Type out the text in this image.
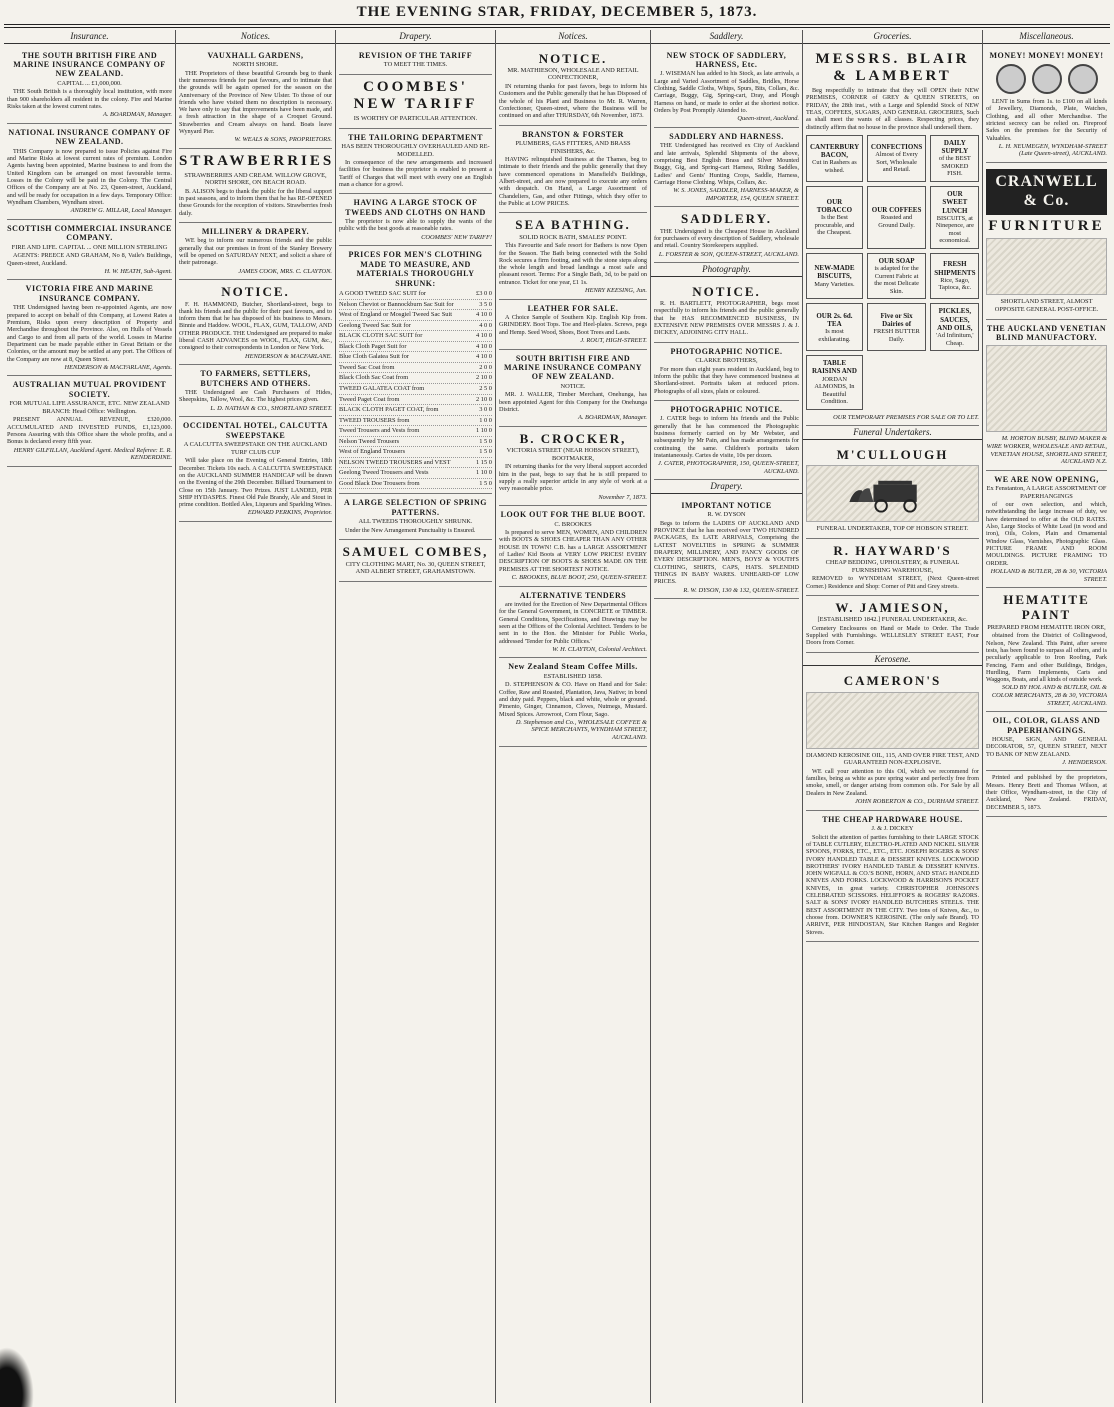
THE EVENING STAR, FRIDAY, DECEMBER 5, 1873.
Insurance.
THE SOUTH BRITISH FIRE AND MARINE INSURANCE COMPANY OF NEW ZEALAND.
CAPITAL ... £1,000,000.

THE South British is a thoroughly local institution, with more than 900 shareholders all resident in the colony. Fire and Marine Risks taken at the lowest current rates.

A. BOARDMAN, Manager.
NATIONAL INSURANCE COMPANY OF NEW ZEALAND.

THIS Company is now prepared to issue Policies against Fire and Marine Risks at lowest current rates of premium. London Agents having been appointed, Marine business to and from the United Kingdom can be arranged on most favourable terms. Losses in the Colony will be paid in the Colony. The Central Offices of the Company are at No. 23, Queen-street, Auckland, and will be ready for occupation in a few days. Temporary Office: Wyndham Chambers, Wyndham street.

ANDREW G. MILLAR, Local Manager.
SCOTTISH COMMERCIAL INSURANCE COMPANY.
FIRE AND LIFE. CAPITAL ... ONE MILLION STERLING

AGENTS: PREECE AND GRAHAM, No 8, Vaile's Buildings, Queen-street, Auckland.

H. W. HEATH, Sub-Agent.
VICTORIA FIRE AND MARINE INSURANCE COMPANY.

THE Undersigned having been re-appointed Agents, are now prepared to accept on behalf of this Company, at Lowest Rates a Premium, Risks upon every description of Property and Merchandise throughout the Province. Also, on Hulls of Vessels and Cargo to and from all parts of the world. Losses in Marine Department can be made payable either in Great Britain or the Colonies, or the amount may be settled at any port. The Offices of the Company are now at 8, Queen Street.

HENDERSON & MACFARLANE, Agents.
AUSTRALIAN MUTUAL PROVIDENT SOCIETY.
FOR MUTUAL LIFE ASSURANCE, ETC. NEW ZEALAND BRANCH: Head Office: Wellington.

PRESENT ANNUAL REVENUE, £320,000. ACCUMULATED AND INVESTED FUNDS, £1,123,000. Persons Assuring with this Office share the whole profits, and a Bonus is declared every fifth year.

HENRY GILFILLAN, Auckland Agent. Medical Referee: E. R. KENDERDINE.
Notices.
VAUXHALL GARDENS,
NORTH SHORE.

THE Proprietors of these beautiful Grounds beg to thank their numerous friends for past favours, and to intimate that the grounds will be again opened for the season on the Anniversary of the Province of New Ulster. To those of our friends who have visited them no description is necessary. We have only to say that improvements have been made, and a fresh attraction in the shape of a Croquet Ground. Strawberries and Cream always on hand. Boats leave Wynyard Pier.

W. WEALS & SONS, PROPRIETORS.
STRAWBERRIES
STRAWBERRIES AND CREAM. WILLOW GROVE, NORTH SHORE, ON BEACH ROAD.

B. ALISON begs to thank the public for the liberal support in past seasons, and to inform them that he has RE-OPENED these Grounds for the reception of visitors. Strawberries fresh daily.

MILLINERY & DRAPERY.

WE beg to inform our numerous friends and the public generally that our premises in front of the Stanley Brewery will be opened on SATURDAY NEXT, and solicit a share of their patronage.

JAMES COOK, MRS. C. CLAYTON.
NOTICE.

F. H. HAMMOND, Butcher, Shortland-street, begs to thank his friends and the public for their past favours, and to inform them that he has disposed of his business to Messrs. Binnie and Haddow. WOOL, FLAX, GUM, TALLOW, AND OTHER PRODUCE. THE Undersigned are prepared to make liberal CASH ADVANCES on WOOL, FLAX, GUM, &c., consigned to their correspondents in London or New York.

HENDERSON & MACFARLANE.
TO FARMERS, SETTLERS, BUTCHERS AND OTHERS.

THE Undersigned are Cash Purchasers of Hides, Sheepskins, Tallow, Wool, &c. The highest prices given.

L. D. NATHAN & CO., SHORTLAND STREET.
OCCIDENTAL HOTEL, CALCUTTA SWEEPSTAKE
A CALCUTTA SWEEPSTAKE ON THE AUCKLAND TURF CLUB CUP

Will take place on the Evening of General Entries, 18th December. Tickets 10s each. A CALCUTTA SWEEPSTAKE on the AUCKLAND SUMMER HANDICAP will be drawn on the Evening of the 29th December. Billiard Tournament to Close on 15th January. Two Prizes. JUST LANDED, PER SHIP HYDASPES. Finest Old Pale Brandy, Ale and Stout in prime condition. Bottled Ales, Liqueurs and Sparkling Wines.

EDWARD PERKINS, Proprietor.
Drapery.
REVISION OF THE TARIFF
TO MEET THE TIMES.
COOMBES' NEW TARIFF
IS WORTHY OF PARTICULAR ATTENTION.
THE TAILORING DEPARTMENT
HAS BEEN THOROUGHLY OVERHAULED AND RE-MODELLED.

In consequence of the new arrangements and increased facilities for business the proprietor is enabled to present a Tariff of Charges that will meet with every one an English man a chance for a growl.

HAVING A LARGE STOCK OF TWEEDS AND CLOTHS ON HAND

The proprietor is now able to supply the wants of the public with the best goods at reasonable rates.

COOMBES' NEW TARIFF!
PRICES FOR MEN'S CLOTHING MADE TO MEASURE, AND MATERIALS THOROUGHLY SHRUNK:
A GOOD TWEED SAC SUIT for	£3 0 0
Nelson Cheviot or Bannockburn Sac Suit for	3 5 0
West of England or Mosgiel Tweed Sac Suit	4 10 0
Geelong Tweed Sac Suit for	4 0 0
BLACK CLOTH SAC SUIT for	4 10 0
Black Cloth Paget Suit for	4 10 0
Blue Cloth Galatea Suit for	4 10 0
Tweed Sac Coat from	2 0 0
Black Cloth Sac Coat from	2 10 0
TWEED GALATEA COAT from	2 5 0
Tweed Paget Coat from	2 10 0
BLACK CLOTH PAGET COAT, from	3 0 0
TWEED TROUSERS from	1 0 0
Tweed Trousers and Vests from	1 10 0
Nelson Tweed Trousers	1 5 0
West of England Trousers	1 5 0
NELSON TWEED TROUSERS and VEST	1 15 0
Geelong Tweed Trousers and Vests	1 10 0
Good Black Doe Trousers from	1 5 0
A LARGE SELECTION OF SPRING PATTERNS.
ALL TWEEDS THOROUGHLY SHRUNK.

Under the New Arrangement Punctuality is Ensured.

SAMUEL COMBES,
CITY CLOTHING MART, No. 30, QUEEN STREET, AND ALBERT STREET, GRAHAMSTOWN.
Notices.
NOTICE.
MR. MATHIESON, WHOLESALE AND RETAIL CONFECTIONER,

IN returning thanks for past favors, begs to inform his Customers and the Public generally that he has Disposed of the whole of his Plant and Business to Mr. R. Warren, Confectioner, Queen-street, where the Business will be continued on and after THURSDAY, 6th November, 1873.

BRANSTON & FORSTER
PLUMBERS, GAS FITTERS, AND BRASS FINISHERS, &c.

HAVING relinquished Business at the Thames, beg to intimate to their friends and the public generally that they have commenced operations in Mansfield's Buildings, Albert-street, and are now prepared to execute any orders with despatch. On Hand, a Large Assortment of Chandeliers, Gas, and other Fittings, which they offer to the Public at LOW PRICES.

SEA BATHING.
SOLID ROCK BATH, SMALES' POINT.

This Favourite and Safe resort for Bathers is now Open for the Season. The Bath being connected with the Solid Rock secures a firm footing, and with the stone steps along the whole length and broad landings a most safe and pleasant resort. Terms: For a Single Bath, 3d, to be paid on entrance. Ticket for one year, £1 1s.

HENRY KEESING, Jun.
LEATHER FOR SALE.

A Choice Sample of Southern Kip. English Kip from. GRINDERY. Boot Tops. Toe and Heel-plates. Screws, pegs and Hemp. Seed Wood, Shoes, Boot Trees and Lasts.

J. ROUT, HIGH-STREET.
SOUTH BRITISH FIRE AND MARINE INSURANCE COMPANY OF NEW ZEALAND.
NOTICE.

MR. J. WALLER, Timber Merchant, Onehunga, has been appointed Agent for this Company for the Onehunga District.

A. BOARDMAN, Manager.
B. CROCKER,
VICTORIA STREET (NEAR HOBSON STREET), BOOTMAKER,

IN returning thanks for the very liberal support accorded him in the past, begs to say that he is still prepared to supply a really superior article in any style of work at a very reasonable price.

November 7, 1873.
LOOK OUT FOR THE BLUE BOOT.
C. BROOKES

Is prepared to serve MEN, WOMEN, AND CHILDREN with BOOTS & SHOES CHEAPER THAN ANY OTHER HOUSE IN TOWN! C.B. has a LARGE ASSORTMENT of Ladies' Kid Boots at VERY LOW PRICES! EVERY DESCRIPTION OF BOOTS & SHOES MADE ON THE PREMISES AT THE SHORTEST NOTICE.

C. BROOKES, BLUE BOOT, 250, QUEEN-STREET.
ALTERNATIVE TENDERS

are invited for the Erection of New Departmental Offices for the General Government, in CONCRETE or TIMBER. General Conditions, Specifications, and Drawings may be seen at the Offices of the Colonial Architect. Tenders to be sent in to the Hon. the Minister for Public Works, addressed 'Tender for Public Offices.'

W. H. CLAYTON, Colonial Architect.
New Zealand Steam Coffee Mills.
ESTABLISHED 1858.

D. STEPHENSON & CO. Have on Hand and for Sale: Coffee, Raw and Roasted, Plantation, Java, Native; in bond and duty paid. Peppers, black and white, whole or ground. Pimento, Ginger, Cinnamon, Cloves, Nutmegs, Mustard. Mixed Spices. Arrowroot, Corn Flour, Sago.

D. Stephenson and Co., WHOLESALE COFFEE & SPICE MERCHANTS, WYNDHAM STREET, AUCKLAND.
Saddlery.
NEW STOCK OF SADDLERY, HARNESS, Etc.

J. WISEMAN has added to his Stock, as late arrivals, a Large and Varied Assortment of Saddles, Bridles, Horse Clothing, Saddle Cloths, Whips, Spurs, Bits, Collars, &c. Carriage, Buggy, Gig, Spring-cart, Dray, and Plough Harness on hand, or made to order at the shortest notice. Orders by Post Promptly Attended to.

Queen-street, Auckland.
SADDLERY AND HARNESS.

THE Undersigned has received ex City of Auckland and late arrivals, Splendid Shipments of the above, comprising Best English Brass and Silver Mounted Buggy, Gig, and Spring-cart Harness, Riding Saddles, Ladies' and Gents' Hunting Crops, Saddle, Harness, Carriage Horse Clothing. Whips, Collars, &c.

W. S. JONES, SADDLER, HARNESS-MAKER, & IMPORTER, 154, QUEEN STREET.
SADDLERY.

THE Undersigned is the Cheapest House in Auckland for purchasers of every description of Saddlery, wholesale and retail. Country Storekeepers supplied.

L. FORSTER & SON, QUEEN-STREET, AUCKLAND.
Photography.
NOTICE.

R. H. BARTLETT, PHOTOGRAPHER, begs most respectfully to inform his friends and the public generally that he HAS RECOMMENCED BUSINESS, IN EXTENSIVE NEW PREMISES OVER MESSRS J. & J. DICKEY, ADJOINING CITY HALL.

PHOTOGRAPHIC NOTICE.
CLARKE BROTHERS,

For more than eight years resident in Auckland, beg to inform the public that they have commenced business at Shortland-street. Portraits taken at reduced prices. Photographs of all sizes, plain or coloured.

PHOTOGRAPHIC NOTICE.

J. CATER begs to inform his friends and the Public generally that he has commenced the Photographic business formerly carried on by Mr Webster, and subsequently by Mr Pain, and has made arrangements for continuing the same. Children's portraits taken instantaneously. Cartes de visite, 10s per dozen.

J. CATER, PHOTOGRAPHER, 150, QUEEN-STREET, AUCKLAND.
Drapery.
IMPORTANT NOTICE
R. W. DYSON

Begs to inform the LADIES OF AUCKLAND AND PROVINCE that he has received over TWO HUNDRED PACKAGES, Ex LATE ARRIVALS, Comprising the LATEST NOVELTIES in SPRING & SUMMER DRAPERY, MILLINERY, AND FANCY GOODS OF EVERY DESCRIPTION. MEN'S, BOYS' & YOUTH'S CLOTHING, SHIRTS, CAPS, HATS. SPLENDID THINGS IN BABY WARES. UNHEARD-OF LOW PRICES.

R. W. DYSON, 130 & 132, QUEEN-STREET.
Groceries.
MESSRS. BLAIR & LAMBERT

Beg respectfully to intimate that they will OPEN their NEW PREMISES, CORNER of GREY & QUEEN STREETS, on FRIDAY, the 28th inst., with a Large and Splendid Stock of NEW TEAS, COFFEES, SUGARS, AND GENERAL GROCERIES, Such as shall meet the wants of all classes. Respecting prices, they distinctly affirm that no house in the province shall undersell them.

CANTERBURY BACON,
Cut in Rashers as wished.
CONFECTIONS
Almost of Every Sort, Wholesale and Retail.
DAILY SUPPLY
of the BEST SMOKED FISH.
OUR TOBACCO
Is the Best procurable, and the Cheapest.
OUR COFFEES
Roasted and Ground Daily.
OUR SWEET LUNCH
BISCUITS, at Ninepence, are most economical.
NEW-MADE BISCUITS,
Many Varieties.
OUR SOAP
is adapted for the Current Fabric at the most Delicate Skin.
FRESH SHIPMENTS
Rice, Sago, Tapioca, &c.
OUR 2s. 6d. TEA
Is most exhilarating.
Five or Six Dairies of
FRESH BUTTER Daily.
PICKLES, SAUCES, AND OILS,
'Ad Infinitum,' Cheap.
TABLE RAISINS AND
JORDAN ALMONDS, In Beautiful Condition.
OUR TEMPORARY PREMISES FOR SALE OR TO LET.
Funeral Undertakers.
M'CULLOUGH
FUNERAL UNDERTAKER, TOP OF HOBSON STREET.
R. HAYWARD'S
CHEAP BEDDING, UPHOLSTERY, & FUNERAL FURNISHING WAREHOUSE,

REMOVED to WYNDHAM STREET, (Next Queen-street Corner.) Residence and Shop: Corner of Pitt and Grey streets.

W. JAMIESON,
[ESTABLISHED 1842.] FUNERAL UNDERTAKER, &c.

Cemetery Enclosures on Hand or Made to Order. The Trade Supplied with Furnishings. WELLESLEY STREET EAST, Four Doors from Corner.

Kerosene.
CAMERON'S
DIAMOND KEROSINE OIL, 115, AND OVER FIRE TEST, AND GUARANTEED NON-EXPLOSIVE.

WE call your attention to this Oil, which we recommend for families, being as white as pure spring water and perfectly free from smoke, smell, or danger arising from common oils. For Sale by all Dealers in New Zealand.

JOHN ROBERTON & CO., DURHAM STREET.
THE CHEAP HARDWARE HOUSE.
J. & J. DICKEY

Solicit the attention of parties furnishing to their LARGE STOCK of TABLE CUTLERY, ELECTRO-PLATED AND NICKEL SILVER SPOONS, FORKS, ETC., ETC., ETC. JOSEPH ROGERS & SONS' IVORY HANDLED TABLE & DESSERT KNIVES. LOCKWOOD BROTHERS' IVORY HANDLED TABLE & DESSERT KNIVES. JOHN WIGFALL & CO.'S BONE, HORN, AND STAG HANDLED KNIVES AND FORKS. LOCKWOOD & HARRISON'S POCKET KNIVES, in great variety. CHRISTOPHER JOHNSON'S CELEBRATED SCISSORS. HELIFFOR'S & ROGERS' RAZORS. SALT & SONS' IVORY HANDLED BUTCHERS STEELS. THE BEST ASSORTMENT IN THE CITY. Two tons of Knives, &c., to choose from. DOWNER'S KEROSINE. (The only safe Brand). TO ARRIVE, PER HINDOSTAN, Star Kitchen Ranges and Register Stoves.

Miscellaneous.
MONEY! MONEY! MONEY!

LENT in Sums from 1s. to £100 on all kinds of Jewellery, Diamonds, Plate, Watches, Clothing, and all other Merchandise. The strictest secrecy can be relied on. Fireproof Safes on the premises for the Security of Valuables.

L. H. NEUMEGEN, WYNDHAM-STREET (Late Queen-street), AUCKLAND.
CRANWELL & Co.
FURNITURE
SHORTLAND STREET, ALMOST OPPOSITE GENERAL POST-OFFICE.
THE AUCKLAND VENETIAN BLIND MANUFACTORY.
M. HORTON BUSBY, BLIND MAKER & WIRE WORKER, WHOLESALE AND RETAIL, VENETIAN HOUSE, SHORTLAND STREET, AUCKLAND N.Z.
WE ARE NOW OPENING,
Ex Fenstanton, A LARGE ASSORTMENT OF PAPERHANGINGS

of our own selection, and which, notwithstanding the large increase of duty, we have determined to offer at the OLD RATES. Also, Large Stocks of White Lead (in wood and iron), Oils, Colors, Plain and Ornamental Window Glass, Varnishes, Photographic Glass. PICTURE FRAME AND ROOM MOULDINGS. PICTURE FRAMING TO ORDER.

HOLLAND & BUTLER, 28 & 30, VICTORIA STREET.
HEMATITE PAINT
PREPARED FROM HEMATITE IRON ORE,

obtained from the District of Collingwood, Nelson, New Zealand. This Paint, after severe tests, has been found to surpass all others, and is peculiarly applicable to Iron Roofing, Park Fencing, Farm and other Buildings, Bridges, Hurdling, Farm Implements, Carts and Waggons, Boats, and all kinds of outside work.

SOLD BY HOL AND & BUTLER, OIL & COLOR MERCHANTS, 28 & 30, VICTORIA STREET, AUCKLAND.
OIL, COLOR, GLASS AND PAPERHANGINGS.

HOUSE, SIGN, AND GENERAL DECORATOR, 57, QUEEN STREET, NEXT TO BANK OF NEW ZEALAND.

J. HENDERSON.

Printed and published by the proprietors, Messrs. Henry Brett and Thomas Wilson, at their Office, Wyndham-street, in the City of Auckland, New Zealand. FRIDAY, DECEMBER 5, 1873.
